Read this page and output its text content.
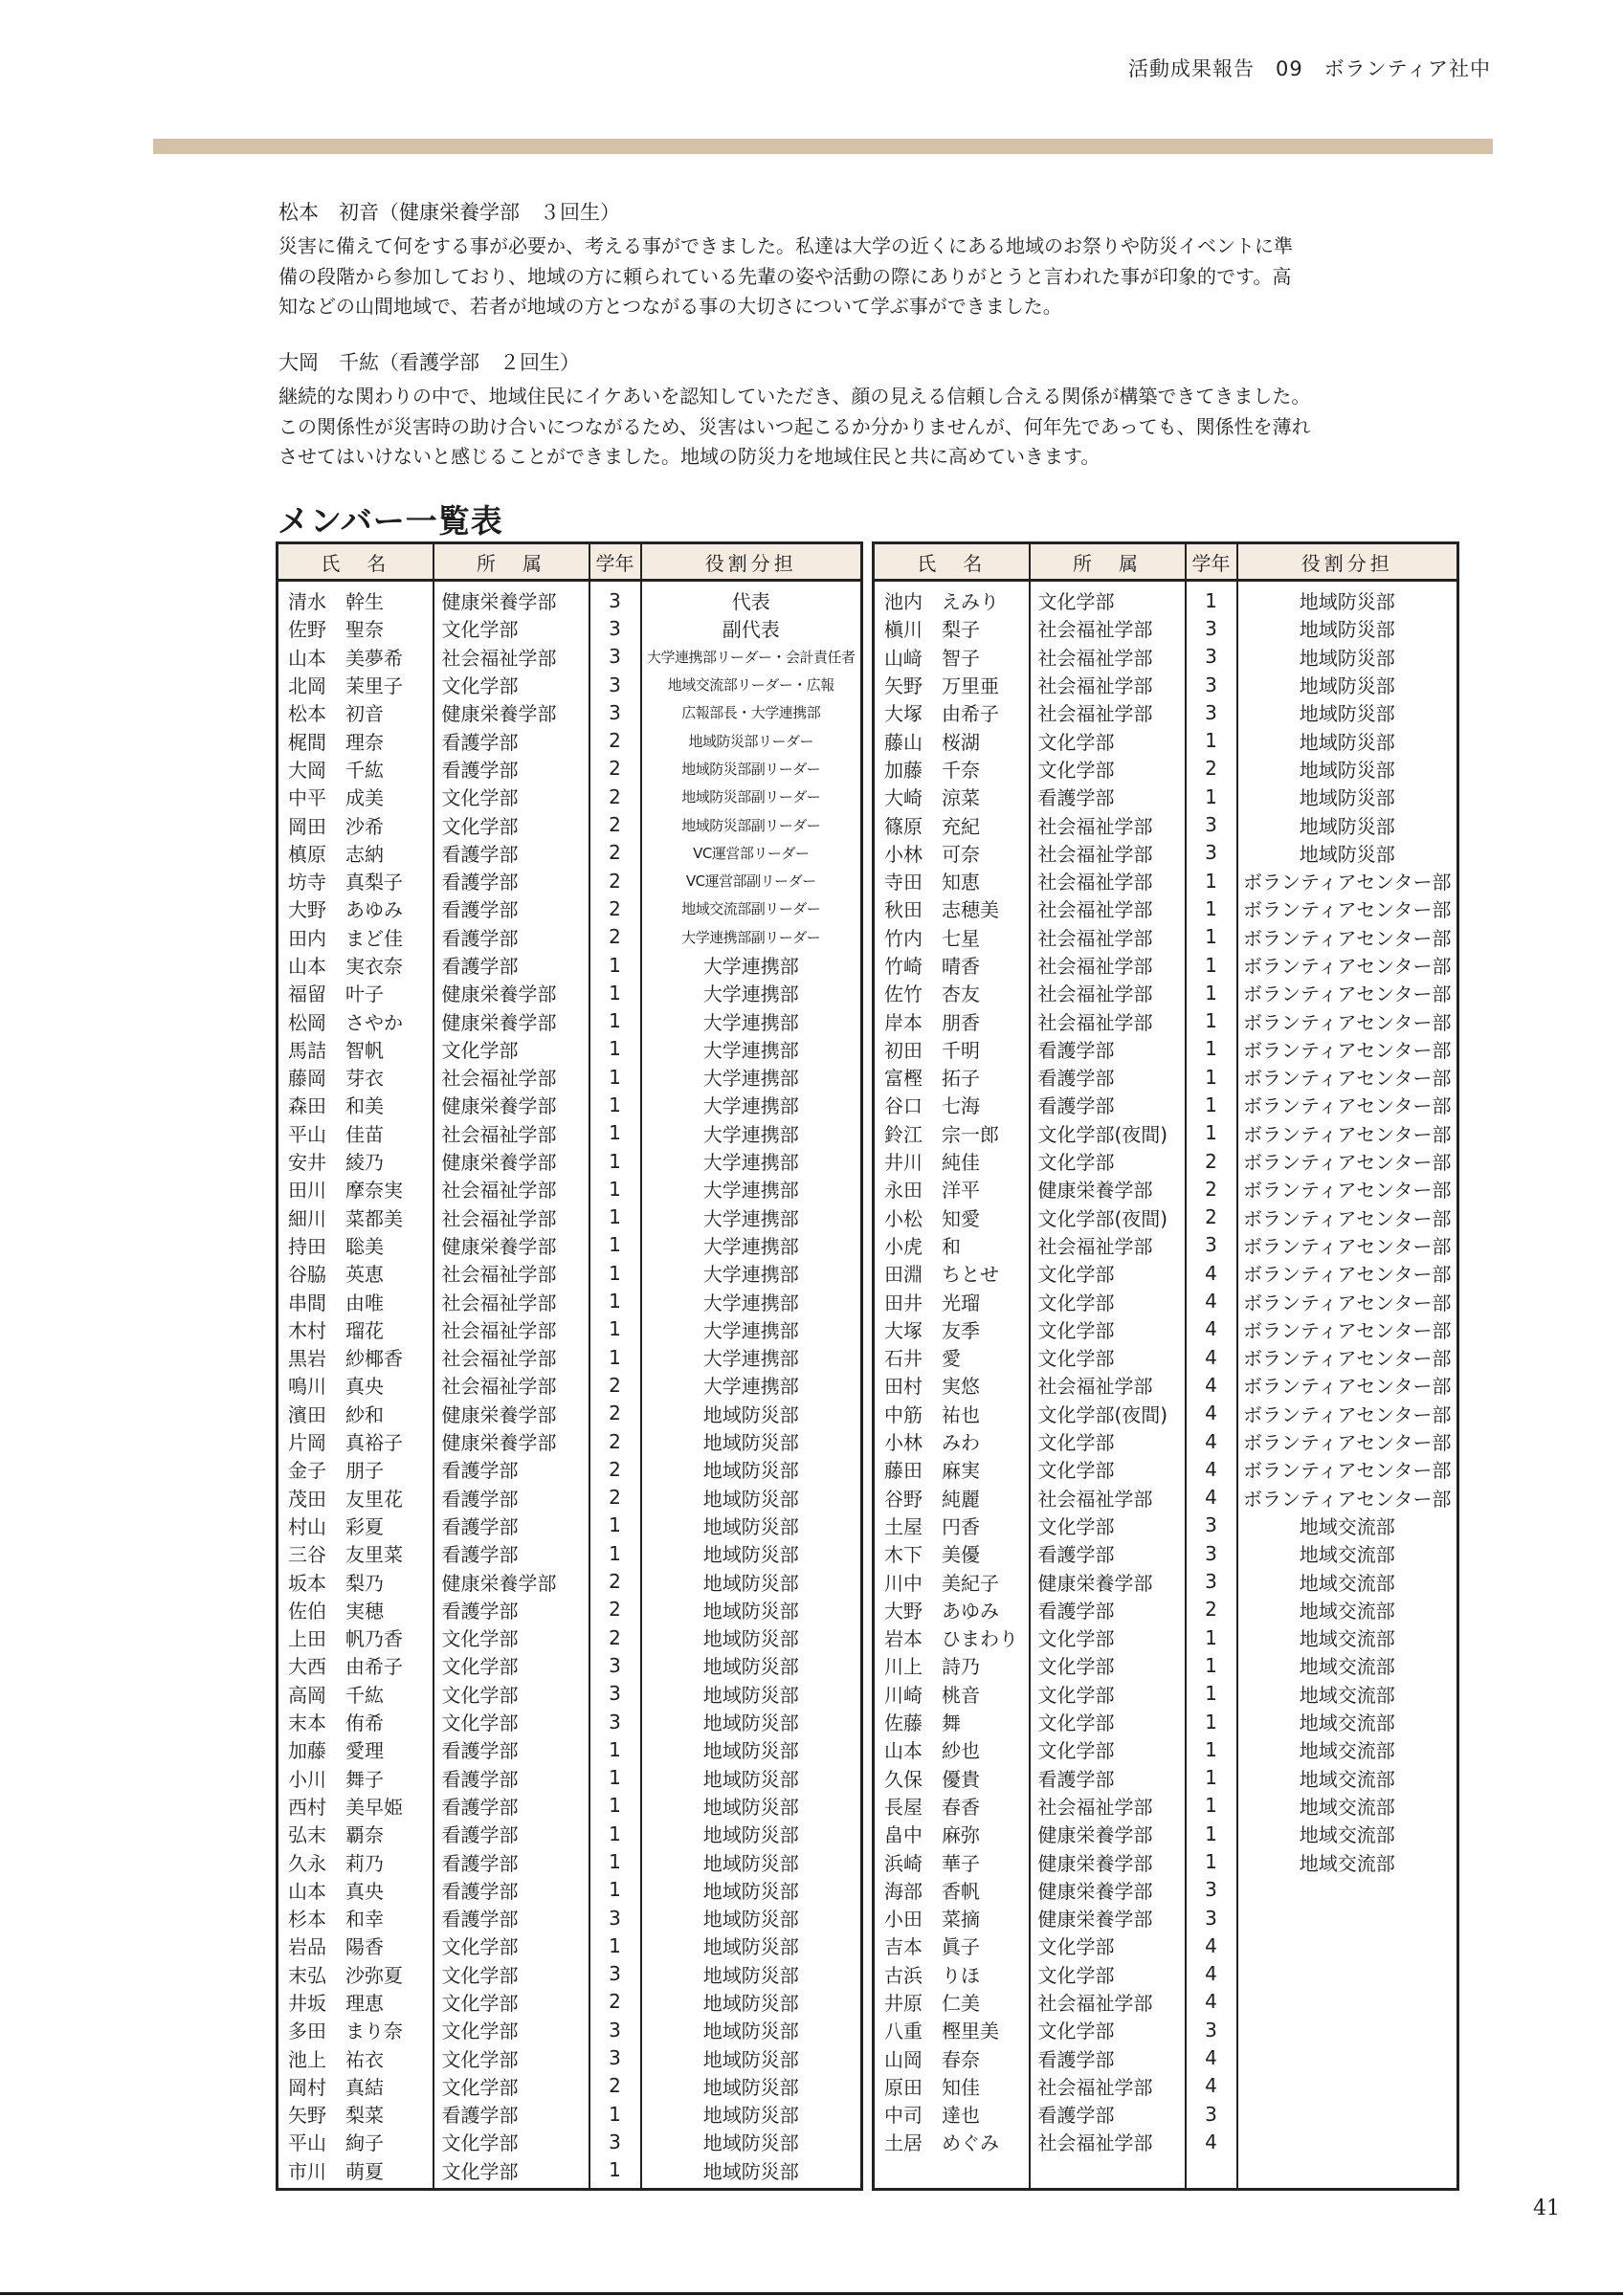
活動成果報告　09　ボランティア社中
松本　初音（健康栄養学部　３回生）

災害に備えて何をする事が必要か、考える事ができました。私達は大学の近くにある地域のお祭りや防災イベントに準
備の段階から参加しており、地域の方に頼られている先輩の姿や活動の際にありがとうと言われた事が印象的です。高
知などの山間地域で、若者が地域の方とつながる事の大切さについて学ぶ事ができました。

大岡　千紘（看護学部　２回生）

継続的な関わりの中で、地域住民にイケあいを認知していただき、顔の見える信頼し合える関係が構築できてきました。
この関係性が災害時の助け合いにつながるため、災害はいつ起こるか分かりませんが、何年先であっても、関係性を薄れ
させてはいけないと感じることができました。地域の防災力を地域住民と共に高めていきます。

メンバー一覧表
氏　名	所　属	学年	役割分担
清水　幹生	健康栄養学部	3	代表
佐野　聖奈	文化学部	3	副代表
山本　美夢希	社会福祉学部	3	大学連携部リーダー・会計責任者
北岡　茉里子	文化学部	3	地域交流部リーダー・広報
松本　初音	健康栄養学部	3	広報部長・大学連携部
梶間　理奈	看護学部	2	地域防災部リーダー
大岡　千紘	看護学部	2	地域防災部副リーダー
中平　成美	文化学部	2	地域防災部副リーダー
岡田　沙希	文化学部	2	地域防災部副リーダー
槙原　志納	看護学部	2	VC運営部リーダー
坊寺　真梨子	看護学部	2	VC運営部副リーダー
大野　あゆみ	看護学部	2	地域交流部副リーダー
田内　まど佳	看護学部	2	大学連携部副リーダー
山本　実衣奈	看護学部	1	大学連携部
福留　叶子	健康栄養学部	1	大学連携部
松岡　さやか	健康栄養学部	1	大学連携部
馬詰　智帆	文化学部	1	大学連携部
藤岡　芽衣	社会福祉学部	1	大学連携部
森田　和美	健康栄養学部	1	大学連携部
平山　佳苗	社会福祉学部	1	大学連携部
安井　綾乃	健康栄養学部	1	大学連携部
田川　摩奈実	社会福祉学部	1	大学連携部
細川　菜都美	社会福祉学部	1	大学連携部
持田　聡美	健康栄養学部	1	大学連携部
谷脇　英恵	社会福祉学部	1	大学連携部
串間　由唯	社会福祉学部	1	大学連携部
木村　瑠花	社会福祉学部	1	大学連携部
黒岩　紗椰香	社会福祉学部	1	大学連携部
鳴川　真央	社会福祉学部	2	大学連携部
濱田　紗和	健康栄養学部	2	地域防災部
片岡　真裕子	健康栄養学部	2	地域防災部
金子　朋子	看護学部	2	地域防災部
茂田　友里花	看護学部	2	地域防災部
村山　彩夏	看護学部	1	地域防災部
三谷　友里菜	看護学部	1	地域防災部
坂本　梨乃	健康栄養学部	2	地域防災部
佐伯　実穂	看護学部	2	地域防災部
上田　帆乃香	文化学部	2	地域防災部
大西　由希子	文化学部	3	地域防災部
高岡　千紘	文化学部	3	地域防災部
末本　侑希	文化学部	3	地域防災部
加藤　愛理	看護学部	1	地域防災部
小川　舞子	看護学部	1	地域防災部
西村　美早姫	看護学部	1	地域防災部
弘末　覇奈	看護学部	1	地域防災部
久永　莉乃	看護学部	1	地域防災部
山本　真央	看護学部	1	地域防災部
杉本　和幸	看護学部	3	地域防災部
岩品　陽香	文化学部	1	地域防災部
末弘　沙弥夏	文化学部	3	地域防災部
井坂　理恵	文化学部	2	地域防災部
多田　まり奈	文化学部	3	地域防災部
池上　祐衣	文化学部	3	地域防災部
岡村　真結	文化学部	2	地域防災部
矢野　梨菜	看護学部	1	地域防災部
平山　絢子	文化学部	3	地域防災部
市川　萌夏	文化学部	1	地域防災部

氏　名	所　属	学年	役割分担
池内　えみり	文化学部	1	地域防災部
槇川　梨子	社会福祉学部	3	地域防災部
山﨑　智子	社会福祉学部	3	地域防災部
矢野　万里亜	社会福祉学部	3	地域防災部
大塚　由希子	社会福祉学部	3	地域防災部
藤山　桜湖	文化学部	1	地域防災部
加藤　千奈	文化学部	2	地域防災部
大崎　涼菜	看護学部	1	地域防災部
篠原　充紀	社会福祉学部	3	地域防災部
小林　可奈	社会福祉学部	3	地域防災部
寺田　知恵	社会福祉学部	1	ボランティアセンター部
秋田　志穂美	社会福祉学部	1	ボランティアセンター部
竹内　七星	社会福祉学部	1	ボランティアセンター部
竹崎　晴香	社会福祉学部	1	ボランティアセンター部
佐竹　杏友	社会福祉学部	1	ボランティアセンター部
岸本　朋香	社会福祉学部	1	ボランティアセンター部
初田　千明	看護学部	1	ボランティアセンター部
富樫　拓子	看護学部	1	ボランティアセンター部
谷口　七海	看護学部	1	ボランティアセンター部
鈴江　宗一郎	文化学部(夜間)	1	ボランティアセンター部
井川　純佳	文化学部	2	ボランティアセンター部
永田　洋平	健康栄養学部	2	ボランティアセンター部
小松　知愛	文化学部(夜間)	2	ボランティアセンター部
小虎　和	社会福祉学部	3	ボランティアセンター部
田淵　ちとせ	文化学部	4	ボランティアセンター部
田井　光瑠	文化学部	4	ボランティアセンター部
大塚　友季	文化学部	4	ボランティアセンター部
石井　愛	文化学部	4	ボランティアセンター部
田村　実悠	社会福祉学部	4	ボランティアセンター部
中筋　祐也	文化学部(夜間)	4	ボランティアセンター部
小林　みわ	文化学部	4	ボランティアセンター部
藤田　麻実	文化学部	4	ボランティアセンター部
谷野　純麗	社会福祉学部	4	ボランティアセンター部
土屋　円香	文化学部	3	地域交流部
木下　美優	看護学部	3	地域交流部
川中　美紀子	健康栄養学部	3	地域交流部
大野　あゆみ	看護学部	2	地域交流部
岩本　ひまわり	文化学部	1	地域交流部
川上　詩乃	文化学部	1	地域交流部
川崎　桃音	文化学部	1	地域交流部
佐藤　舞	文化学部	1	地域交流部
山本　紗也	文化学部	1	地域交流部
久保　優貴	看護学部	1	地域交流部
長屋　春香	社会福祉学部	1	地域交流部
畠中　麻弥	健康栄養学部	1	地域交流部
浜崎　華子	健康栄養学部	1	地域交流部
海部　香帆	健康栄養学部	3	
小田　菜摘	健康栄養学部	3	
吉本　眞子	文化学部	4	
古浜　りほ	文化学部	4	
井原　仁美	社会福祉学部	4	
八重　樫里美	文化学部	3	
山岡　春奈	看護学部	4	
原田　知佳	社会福祉学部	4	
中司　達也	看護学部	3	
土居　めぐみ	社会福祉学部	4	

41
